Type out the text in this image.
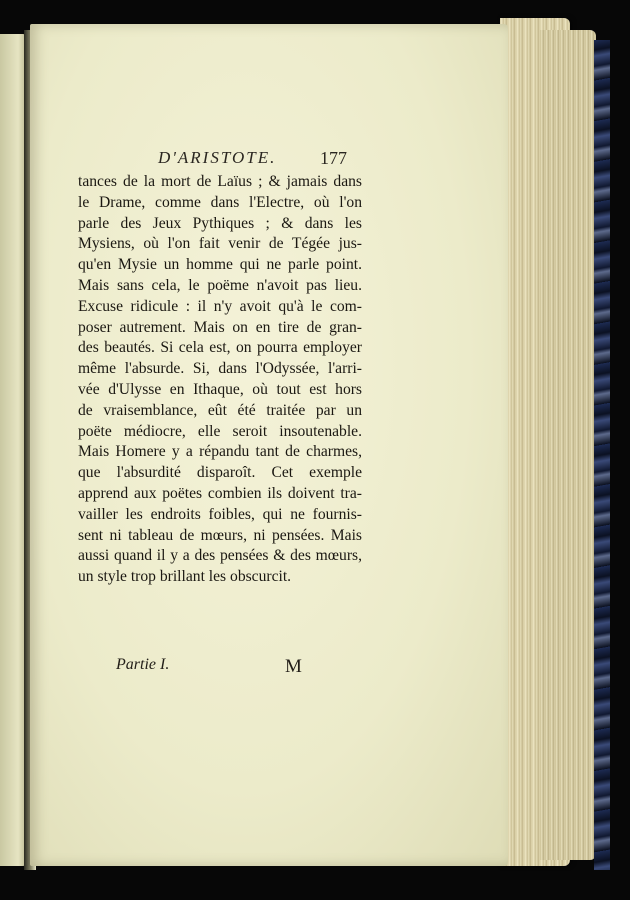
D'ARISTOTE.	177
tances de la mort de Laïus ; & jamais dans
le Drame, comme dans l'Electre, où l'on
parle des Jeux Pythiques ; & dans les
Mysiens, où l'on fait venir de Tégée jus-
qu'en Mysie un homme qui ne parle point.
Mais sans cela, le poëme n'avoit pas lieu.
Excuse ridicule : il n'y avoit qu'à le com-
poser autrement. Mais on en tire de gran-
des beautés. Si cela est, on pourra employer
même l'absurde. Si, dans l'Odyssée, l'arri-
vée d'Ulysse en Ithaque, où tout est hors
de vraisemblance, eût été traitée par un
poëte médiocre, elle seroit insoutenable.
Mais Homere y a répandu tant de charmes,
que l'absurdité disparoît. Cet exemple
apprend aux poëtes combien ils doivent tra-
vailler les endroits foibles, qui ne fournis-
sent ni tableau de mœurs, ni pensées. Mais
aussi quand il y a des pensées & des mœurs,
un style trop brillant les obscurcit.
Partie I.	M
